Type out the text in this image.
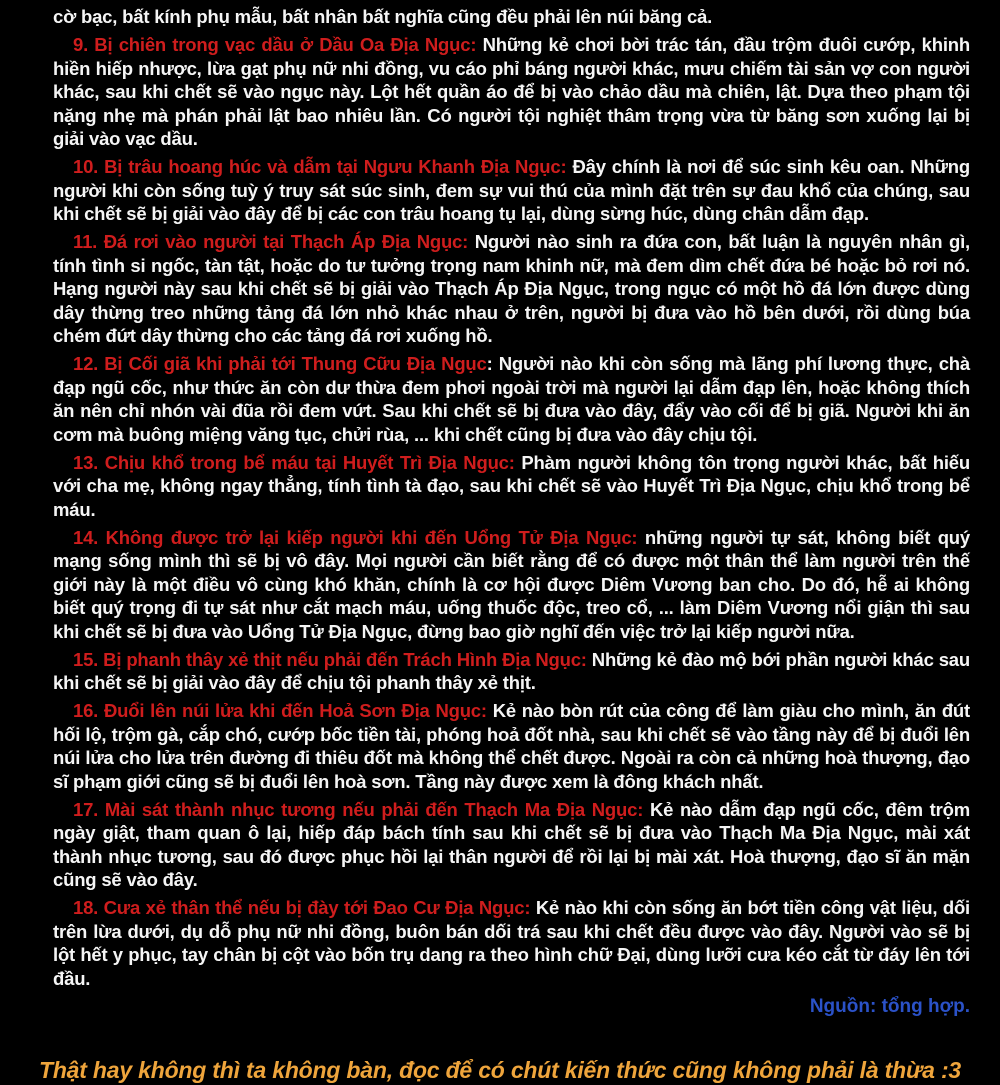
cờ bạc, bất kính phụ mẫu, bất nhân bất nghĩa cũng đều phải lên núi băng cả.

9. Bị chiên trong vạc dầu ở Dầu Oa Địa Ngục: Những kẻ chơi bời trác tán, đầu trộm đuôi cướp, khinh hiền hiếp nhược, lừa gạt phụ nữ nhi đồng, vu cáo phỉ báng người khác, mưu chiếm tài sản vợ con người khác, sau khi chết sẽ vào ngục này. Lột hết quần áo để bị vào chảo dầu mà chiên, lật. Dựa theo phạm tội nặng nhẹ mà phán phải lật bao nhiêu lần. Có người tội nghiệt thâm trọng vừa từ băng sơn xuống lại bị giải vào vạc dầu.

10. Bị trâu hoang húc và dẫm tại Ngưu Khanh Địa Ngục: Đây chính là nơi để súc sinh kêu oan. Những người khi còn sống tuỳ ý truy sát súc sinh, đem sự vui thú của mình đặt trên sự đau khổ của chúng, sau khi chết sẽ bị giải vào đây để bị các con trâu hoang tụ lại, dùng sừng húc, dùng chân dẫm đạp.

11. Đá rơi vào người tại Thạch Áp Địa Ngục: Người nào sinh ra đứa con, bất luận là nguyên nhân gì, tính tình si ngốc, tàn tật, hoặc do tư tưởng trọng nam khinh nữ, mà đem dìm chết đứa bé hoặc bỏ rơi nó. Hạng người này sau khi chết sẽ bị giải vào Thạch Áp Địa Ngục, trong ngục có một hồ đá lớn được dùng dây thừng treo những tảng đá lớn nhỏ khác nhau ở trên, người bị đưa vào hồ bên dưới, rồi dùng búa chém đứt dây thừng cho các tảng đá rơi xuống hồ.

12. Bị Cối giã khi phải tới Thung Cữu Địa Ngục: Người nào khi còn sống mà lãng phí lương thực, chà đạp ngũ cốc, như thức ăn còn dư thừa đem phơi ngoài trời mà người lại dẫm đạp lên, hoặc không thích ăn nên chỉ nhón vài đũa rồi đem vứt. Sau khi chết sẽ bị đưa vào đây, đẩy vào cối để bị giã. Người khi ăn cơm mà buông miệng văng tục, chửi rùa, ... khi chết cũng bị đưa vào đây chịu tội.

13. Chịu khổ trong bể máu tại Huyết Trì Địa Ngục: Phàm người không tôn trọng người khác, bất hiếu với cha mẹ, không ngay thẳng, tính tình tà đạo, sau khi chết sẽ vào Huyết Trì Địa Ngục, chịu khổ trong bể máu.

14. Không được trở lại kiếp người khi đến Uổng Tử Địa Ngục: những người tự sát, không biết quý mạng sống mình thì sẽ bị vô đây. Mọi người cần biết rằng để có được một thân thể làm người trên thế giới này là một điều vô cùng khó khăn, chính là cơ hội được Diêm Vương ban cho. Do đó, hễ ai không biết quý trọng đi tự sát như cắt mạch máu, uống thuốc độc, treo cổ, ... làm Diêm Vương nổi giận thì sau khi chết sẽ bị đưa vào Uổng Tử Địa Ngục, đừng bao giờ nghĩ đến việc trở lại kiếp người nữa.

15. Bị phanh thây xẻ thịt nếu phải đến Trách Hình Địa Ngục: Những kẻ đào mộ bới phần người khác sau khi chết sẽ bị giải vào đây để chịu tội phanh thây xẻ thịt.

16. Đuổi lên núi lửa khi đến Hoả Sơn Địa Ngục: Kẻ nào bòn rút của công để làm giàu cho mình, ăn đút hối lộ, trộm gà, cắp chó, cướp bốc tiền tài, phóng hoả đốt nhà, sau khi chết sẽ vào tầng này để bị đuổi lên núi lửa cho lửa trên đường đi thiêu đốt mà không thể chết được. Ngoài ra còn cả những hoà thượng, đạo sĩ phạm giới cũng sẽ bị đuổi lên hoà sơn. Tầng này được xem là đông khách nhất.

17. Mài sát thành nhục tương nếu phải đến Thạch Ma Địa Ngục: Kẻ nào dẫm đạp ngũ cốc, đêm trộm ngày giật, tham quan ô lại, hiếp đáp bách tính sau khi chết sẽ bị đưa vào Thạch Ma Địa Ngục, mài xát thành nhục tương, sau đó được phục hồi lại thân người để rồi lại bị mài xát. Hoà thượng, đạo sĩ ăn mặn cũng sẽ vào đây.

18. Cưa xẻ thân thể nếu bị đày tới Đao Cư Địa Ngục: Kẻ nào khi còn sống ăn bớt tiền công vật liệu, dối trên lừa dưới, dụ dỗ phụ nữ nhi đồng, buôn bán dối trá sau khi chết đều được vào đây. Người vào sẽ bị lột hết y phục, tay chân bị cột vào bốn trụ dang ra theo hình chữ Đại, dùng lưỡi cưa kéo cắt từ đáy lên tới đầu.

Nguồn: tổng hợp.

Thật hay không thì ta không bàn, đọc để có chút kiến thức cũng không phải là thừa :3
